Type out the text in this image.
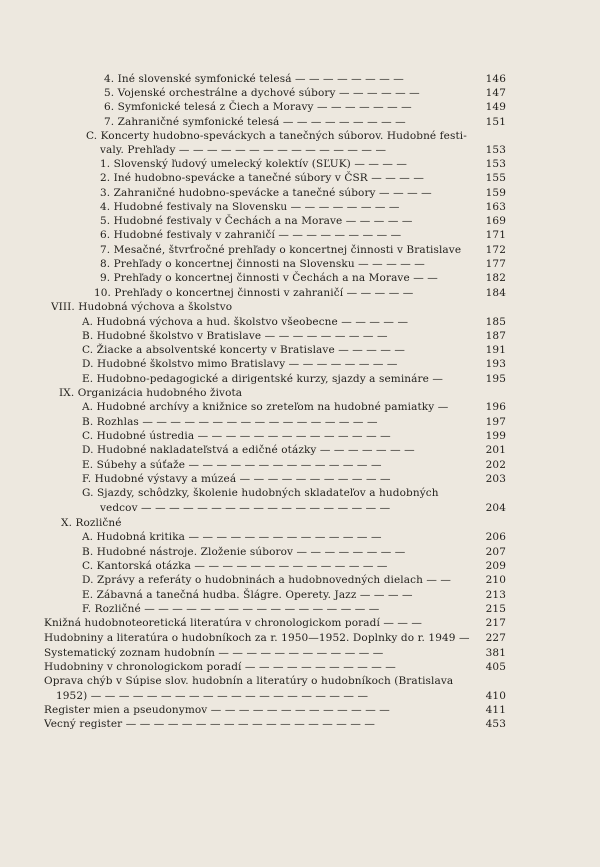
4. Iné slovenské symfonické telesá — — — — — — — —	146
5. Vojenské orchestrálne a dychové súbory — — — — — —	147
6. Symfonické telesá z Čiech a Moravy — — — — — — —	149
7. Zahraničné symfonické telesá — — — — — — — — —	151
C. Koncerty hudobno-speváckych a tanečných súborov. Hudobné festi-
valy. Prehľady — — — — — — — — — — — — — — —	153
1. Slovenský ľudový umelecký kolektív (SĽUK) — — — —	153
2. Iné hudobno-spevácke a tanečné súbory v ČSR — — — —	155
3. Zahraničné hudobno-spevácke a tanečné súbory — — — —	159
4. Hudobné festivaly na Slovensku — — — — — — — —	163
5. Hudobné festivaly v Čechách a na Morave — — — — —	169
6. Hudobné festivaly v zahraničí — — — — — — — — —	171
7. Mesačné, štvrťročné prehľady o koncertnej činnosti v Bratislave 172
8. Prehľady o koncertnej činnosti na Slovensku — — — — —	177
9. Prehľady o koncertnej činnosti v Čechách a na Morave — —	182
10. Prehľady o koncertnej činnosti v zahraničí — — — — —	184
VIII. Hudobná výchova a školstvo
A. Hudobná výchova a hud. školstvo všeobecne — — — — —	185
B. Hudobné školstvo v Bratislave — — — — — — — — —	187
C. Žiacke a absolventské koncerty v Bratislave — — — — —	191
D. Hudobné školstvo mimo Bratislavy — — — — — — — —	193
E. Hudobno-pedagogické a dirigentské kurzy, sjazdy a semináre —	195
IX. Organizácia hudobného života
A. Hudobné archívy a knižnice so zreteľom na hudobné pamiatky —	196
B. Rozhlas — — — — — — — — — — — — — — — — —	197
C. Hudobné ústredia — — — — — — — — — — — — — —	199
D. Hudobné nakladateľstvá a edičné otázky — — — — — — —	201
E. Súbehy a súťaže — — — — — — — — — — — — — —	202
F. Hudobné výstavy a múzeá — — — — — — — — — — —	203
G. Sjazdy, schôdzky, školenie hudobných skladateľov a hudobných
vedcov — — — — — — — — — — — — — — — — — —	204
X. Rozličné
A. Hudobná kritika — — — — — — — — — — — — — —	206
B. Hudobné nástroje. Zloženie súborov — — — — — — — —	207
C. Kantorská otázka — — — — — — — — — — — — — —	209
D. Zprávy a referáty o hudobninách a hudobnovedných dielach — —	210
E. Zábavná a tanečná hudba. Šlágre. Operety. Jazz — — — —	213
F. Rozličné — — — — — — — — — — — — — — — — —	215
Knižná hudobnoteoretická literatúra v chronologickom poradí — — —	217
Hudobniny a literatúra o hudobníkoch za r. 1950—1952. Doplnky do r. 1949 — 227
Systematický zoznam hudobnín — — — — — — — — — — — —	381
Hudobniny v chronologickom poradí — — — — — — — — — — —	405
Oprava chýb v Súpise slov. hudobnín a literatúry o hudobníkoch (Bratislava
1952) — — — — — — — — — — — — — — — — — — — —	410
Register mien a pseudonymov — — — — — — — — — — — — —	411
Vecný register — — — — — — — — — — — — — — — — — —	453
